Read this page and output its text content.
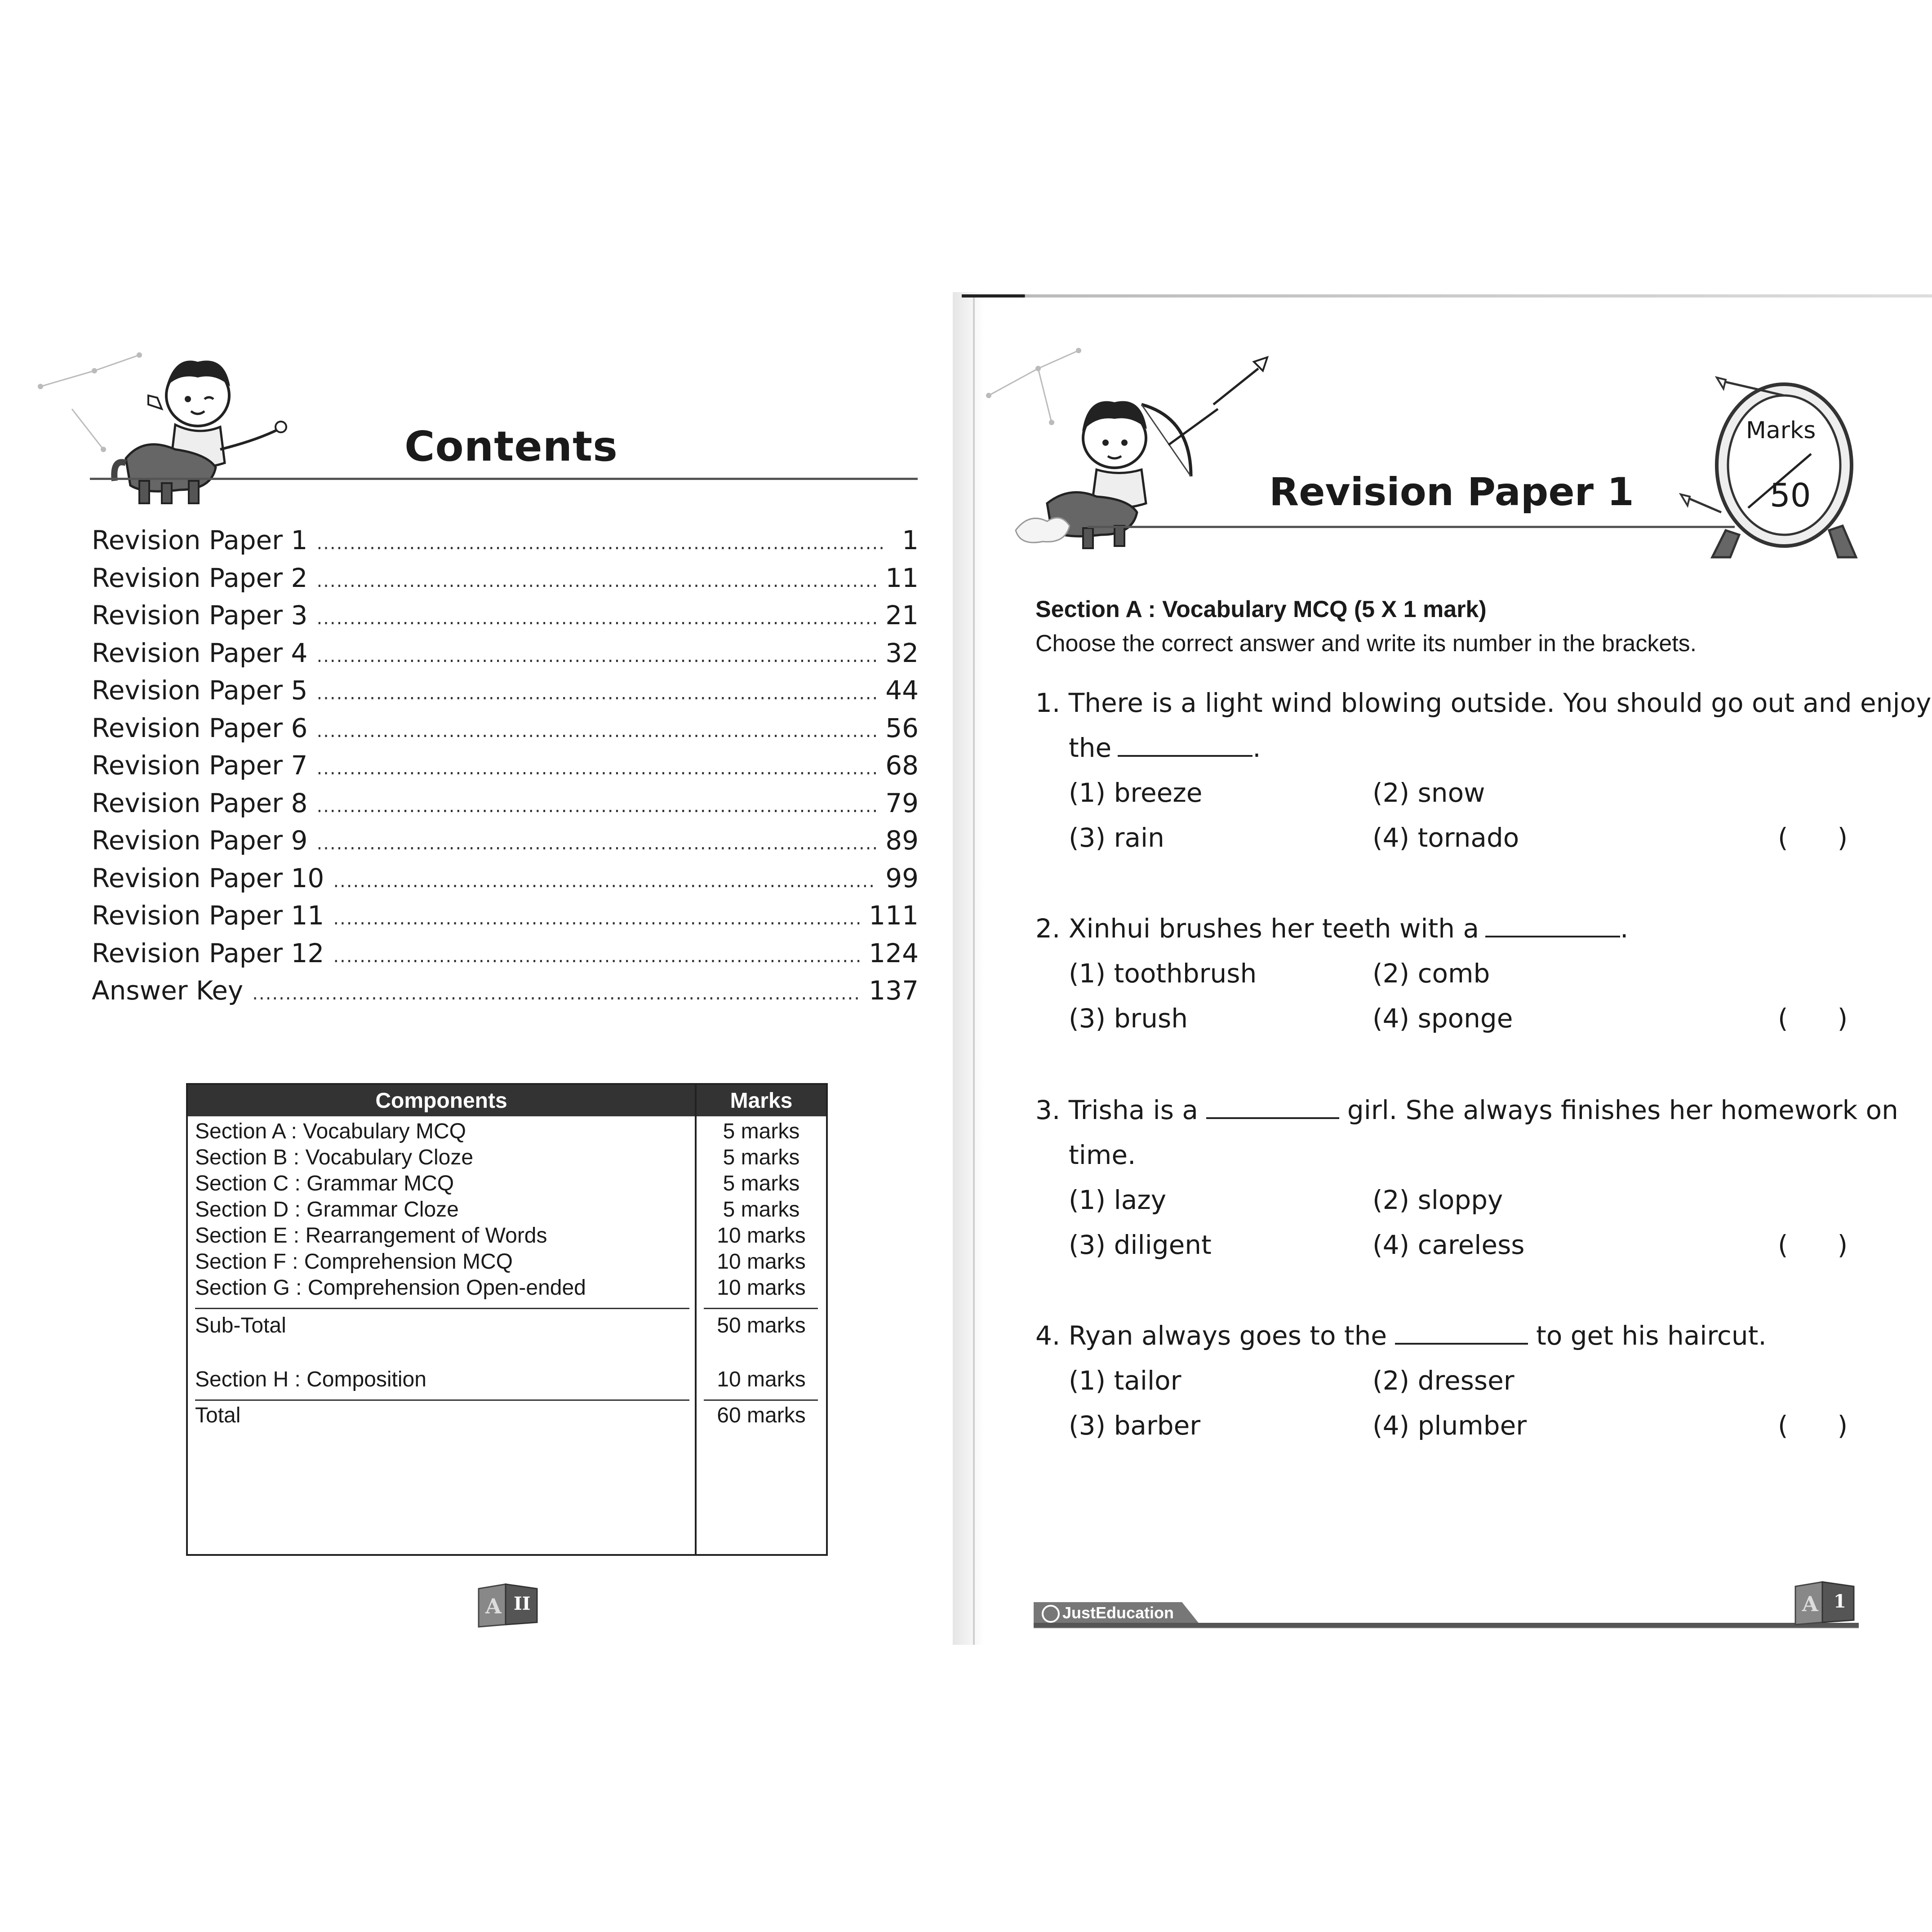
Contents
Revision Paper 1 .....	1
Revision Paper 2 .....	11
Revision Paper 3 .....	21
Revision Paper 4 .....	32
Revision Paper 5 .....	44
Revision Paper 6 .....	56
Revision Paper 7 .....	68
Revision Paper 8 .....	79
Revision Paper 9 .....	89
Revision Paper 10 .....	99
Revision Paper 11 .....	111
Revision Paper 12 .....	124
Answer Key .....	137
Components	Marks
Section A : Vocabulary MCQ	5 marks
Section B : Vocabulary Cloze	5 marks
Section C : Grammar MCQ	5 marks
Section D : Grammar Cloze	5 marks
Section E : Rearrangement of Words	10 marks
Section F : Comprehension MCQ	10 marks
Section G : Comprehension Open-ended	10 marks
Sub-Total	50 marks
Section H : Composition	10 marks
Total	60 marks
A II
Revision Paper 1
Marks
50
Section A : Vocabulary MCQ (5 X 1 mark)
Choose the correct answer and write its number in the brackets.
1. There is a light wind blowing outside. You should go out and enjoy
the	.
(1) breeze	(2) snow
(3) rain	(4) tornado	( )
2. Xinhui brushes her teeth with a	.
(1) toothbrush	(2) comb
(3) brush	(4) sponge	( )
3. Trisha is a	girl. She always finishes her homework on
time.
(1) lazy	(2) sloppy
(3) diligent	(4) careless	( )
4. Ryan always goes to the	to get his haircut.
(1) tailor	(2) dresser
(3) barber	(4) plumber	( )
JustEducation	A 1
